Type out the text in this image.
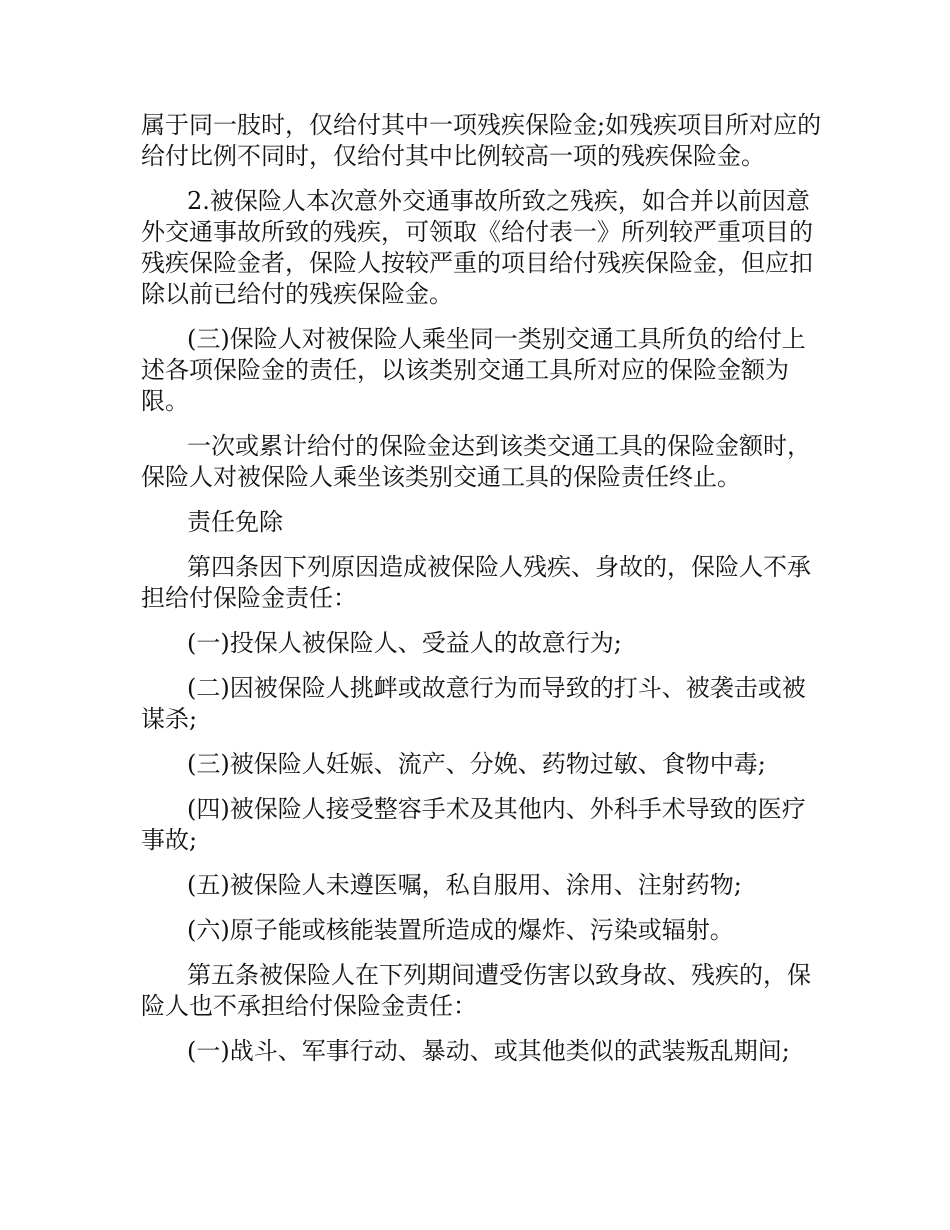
属于同一肢时，仅给付其中一项残疾保险金;如残疾项目所对应的给付比例不同时，仅给付其中比例较高一项的残疾保险金。

2.被保险人本次意外交通事故所致之残疾，如合并以前因意外交通事故所致的残疾，可领取《给付表一》所列较严重项目的残疾保险金者，保险人按较严重的项目给付残疾保险金，但应扣除以前已给付的残疾保险金。

(三)保险人对被保险人乘坐同一类别交通工具所负的给付上述各项保险金的责任，以该类别交通工具所对应的保险金额为限。

一次或累计给付的保险金达到该类交通工具的保险金额时，保险人对被保险人乘坐该类别交通工具的保险责任终止。

责任免除

第四条因下列原因造成被保险人残疾、身故的，保险人不承担给付保险金责任：

(一)投保人被保险人、受益人的故意行为;

(二)因被保险人挑衅或故意行为而导致的打斗、被袭击或被谋杀;

(三)被保险人妊娠、流产、分娩、药物过敏、食物中毒;

(四)被保险人接受整容手术及其他内、外科手术导致的医疗事故;

(五)被保险人未遵医嘱，私自服用、涂用、注射药物;

(六)原子能或核能装置所造成的爆炸、污染或辐射。

第五条被保险人在下列期间遭受伤害以致身故、残疾的，保险人也不承担给付保险金责任：

(一)战斗、军事行动、暴动、或其他类似的武装叛乱期间;
